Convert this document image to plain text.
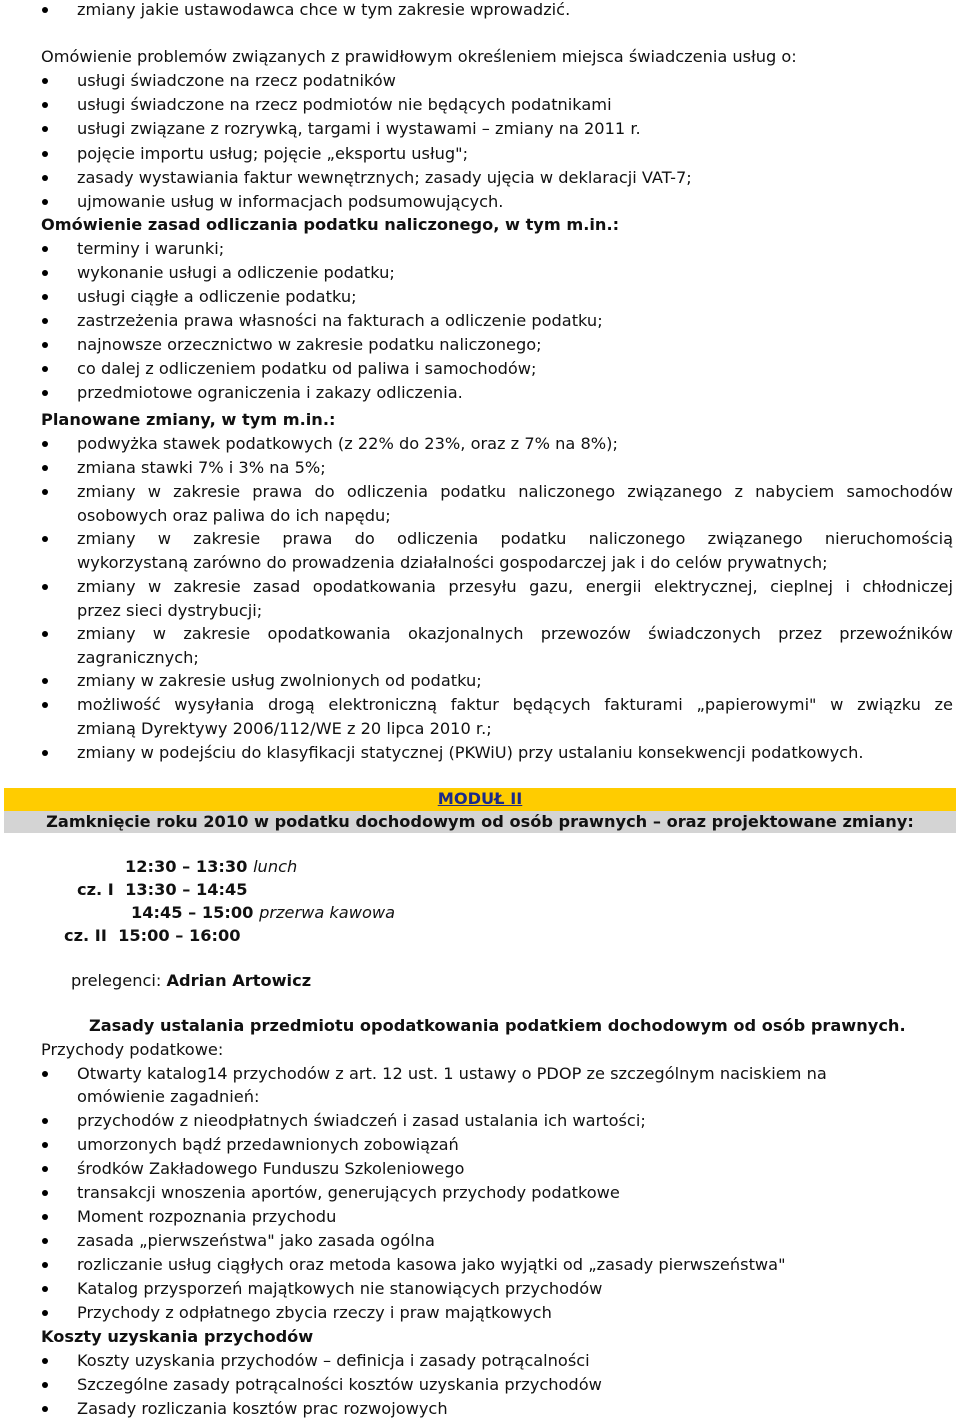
zmiany jakie ustawodawca chce w tym zakresie wprowadzić.
Omówienie problemów związanych z prawidłowym określeniem miejsca świadczenia usług o:
usługi świadczone na rzecz podatników
usługi świadczone na rzecz podmiotów nie będących podatnikami
usługi związane z rozrywką, targami i wystawami – zmiany na 2011 r.
pojęcie importu usług; pojęcie „eksportu usług";
zasady wystawiania faktur wewnętrznych; zasady ujęcia w deklaracji VAT-7;
ujmowanie usług w informacjach podsumowujących.
Omówienie zasad odliczania podatku naliczonego, w tym m.in.:
terminy i warunki;
wykonanie usługi a odliczenie podatku;
usługi ciągłe a odliczenie podatku;
zastrzeżenia prawa własności na fakturach a odliczenie podatku;
najnowsze orzecznictwo w zakresie podatku naliczonego;
co dalej z odliczeniem podatku od paliwa i samochodów;
przedmiotowe ograniczenia i zakazy odliczenia.
Planowane zmiany, w tym m.in.:
podwyżka stawek podatkowych (z 22% do 23%, oraz z 7% na 8%);
zmiana stawki 7% i 3% na 5%;
zmiany w zakresie prawa do odliczenia podatku naliczonego związanego z nabyciem samochodów
osobowych oraz paliwa do ich napędu;
zmiany w zakresie prawa do odliczenia podatku naliczonego związanego nieruchomością
wykorzystaną zarówno do prowadzenia działalności gospodarczej jak i do celów prywatnych;
zmiany w zakresie zasad opodatkowania przesyłu gazu, energii elektrycznej, cieplnej i chłodniczej
przez sieci dystrybucji;
zmiany w zakresie opodatkowania okazjonalnych przewozów świadczonych przez przewoźników
zagranicznych;
zmiany w zakresie usług zwolnionych od podatku;
możliwość wysyłania drogą elektroniczną faktur będących fakturami „papierowymi" w związku ze
zmianą Dyrektywy 2006/112/WE z 20 lipca 2010 r.;
zmiany w podejściu do klasyfikacji statycznej (PKWiU) przy ustalaniu konsekwencji podatkowych.
MODUŁ II
Zamknięcie roku 2010 w podatku dochodowym od osób prawnych – oraz projektowane zmiany:
12:30 – 13:30 lunch
cz. I 13:30 – 14:45
14:45 – 15:00 przerwa kawowa
cz. II 15:00 – 16:00
prelegenci: Adrian Artowicz
Zasady ustalania przedmiotu opodatkowania podatkiem dochodowym od osób prawnych.
Przychody podatkowe:
Otwarty katalog14 przychodów z art. 12 ust. 1 ustawy o PDOP ze szczególnym naciskiem na
omówienie zagadnień:
przychodów z nieodpłatnych świadczeń i zasad ustalania ich wartości;
umorzonych bądź przedawnionych zobowiązań
środków Zakładowego Funduszu Szkoleniowego
transakcji wnoszenia aportów, generujących przychody podatkowe
Moment rozpoznania przychodu
zasada „pierwszeństwa" jako zasada ogólna
rozliczanie usług ciągłych oraz metoda kasowa jako wyjątki od „zasady pierwszeństwa"
Katalog przysporzeń majątkowych nie stanowiących przychodów
Przychody z odpłatnego zbycia rzeczy i praw majątkowych
Koszty uzyskania przychodów
Koszty uzyskania przychodów – definicja i zasady potrącalności
Szczególne zasady potrącalności kosztów uzyskania przychodów
Zasady rozliczania kosztów prac rozwojowych
